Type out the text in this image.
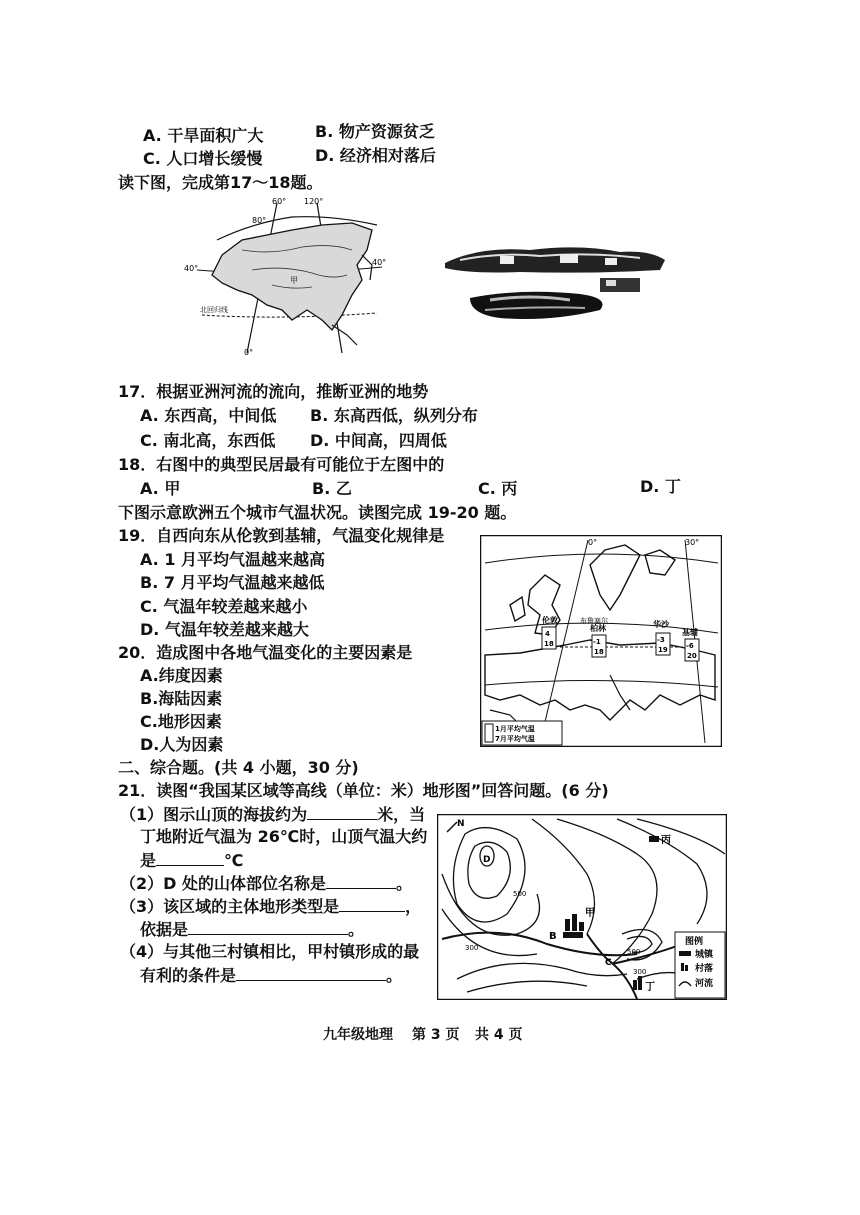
A. 干旱面积广大	B. 物产资源贫乏
C. 人口增长缓慢	D. 经济相对落后
读下图，完成第17～18题。
60° 120°
80°
40°
40°
0°
北回归线
甲
17．根据亚洲河流的流向，推断亚洲的地势
A. 东西高，中间低 B. 东高西低，纵列分布
C. 南北高，东西低 D. 中间高，四周低
18．右图中的典型民居最有可能位于左图中的
A. 甲	B. 乙	C. 丙	D. 丁
下图示意欧洲五个城市气温状况。读图完成 19-20 题。
19．自西向东从伦敦到基辅，气温变化规律是
A. 1 月平均气温越来越高
B. 7 月平均气温越来越低
C. 气温年较差越来越小
D. 气温年较差越来越大
0°	30°
布鲁塞尔
伦敦
4
18
柏林
-1
18
华沙
-3
19
基辅
-6
20
1月平均气温
7月平均气温
20．造成图中各地气温变化的主要因素是
A.纬度因素
B.海陆因素
C.地形因素
D.人为因素
二、综合题。(共 4 小题，30 分)
21．读图“我国某区域等高线（单位：米）地形图”回答问题。(6 分)
（1）图示山顶的海拔约为	米，当
丁地附近气温为 26℃时，山顶气温大约
是	℃
（2）D 处的山体部位名称是	。
（3）该区域的主体地形类型是	，
依据是	。
（4）与其他三村镇相比，甲村镇形成的最
有利的条件是	。
N
丙
甲
丁
B
C
D
500
500
300
300
图例
城镇
村落
河流
九年级地理 第 3 页 共 4 页
